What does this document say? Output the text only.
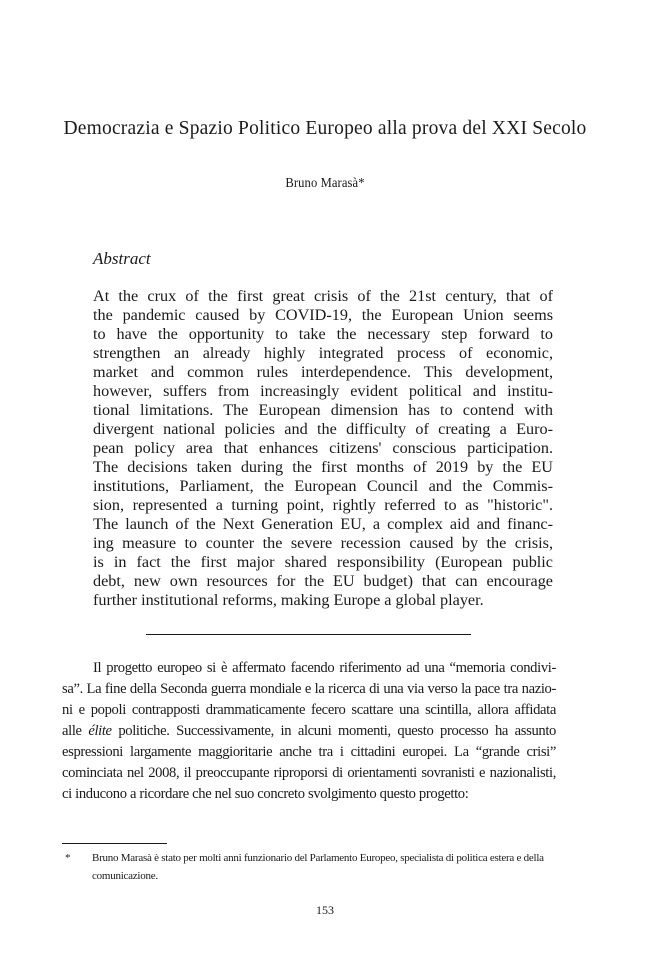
Democrazia e Spazio Politico Europeo alla prova del XXI Secolo
Bruno Marasà*
Abstract
At the crux of the first great crisis of the 21st century, that of
the pandemic caused by COVID-19, the European Union seems
to have the opportunity to take the necessary step forward to
strengthen an already highly integrated process of economic,
market and common rules interdependence. This development,
however, suffers from increasingly evident political and institu-
tional limitations. The European dimension has to contend with
divergent national policies and the difficulty of creating a Euro-
pean policy area that enhances citizens' conscious participation.
The decisions taken during the first months of 2019 by the EU
institutions, Parliament, the European Council and the Commis-
sion, represented a turning point, rightly referred to as "historic".
The launch of the Next Generation EU, a complex aid and financ-
ing measure to counter the severe recession caused by the crisis,
is in fact the first major shared responsibility (European public
debt, new own resources for the EU budget) that can encourage
further institutional reforms, making Europe a global player.
Il progetto europeo si è affermato facendo riferimento ad una “memoria condivi-
sa”. La fine della Seconda guerra mondiale e la ricerca di una via verso la pace tra nazio-
ni e popoli contrapposti drammaticamente fecero scattare una scintilla, allora affidata
alle élite politiche. Successivamente, in alcuni momenti, questo processo ha assunto
espressioni largamente maggioritarie anche tra i cittadini europei. La “grande crisi”
cominciata nel 2008, il preoccupante riproporsi di orientamenti sovranisti e nazionalisti,
ci inducono a ricordare che nel suo concreto svolgimento questo progetto:
* Bruno Marasà è stato per molti anni funzionario del Parlamento Europeo, specialista di politica estera e della comunicazione.
153
